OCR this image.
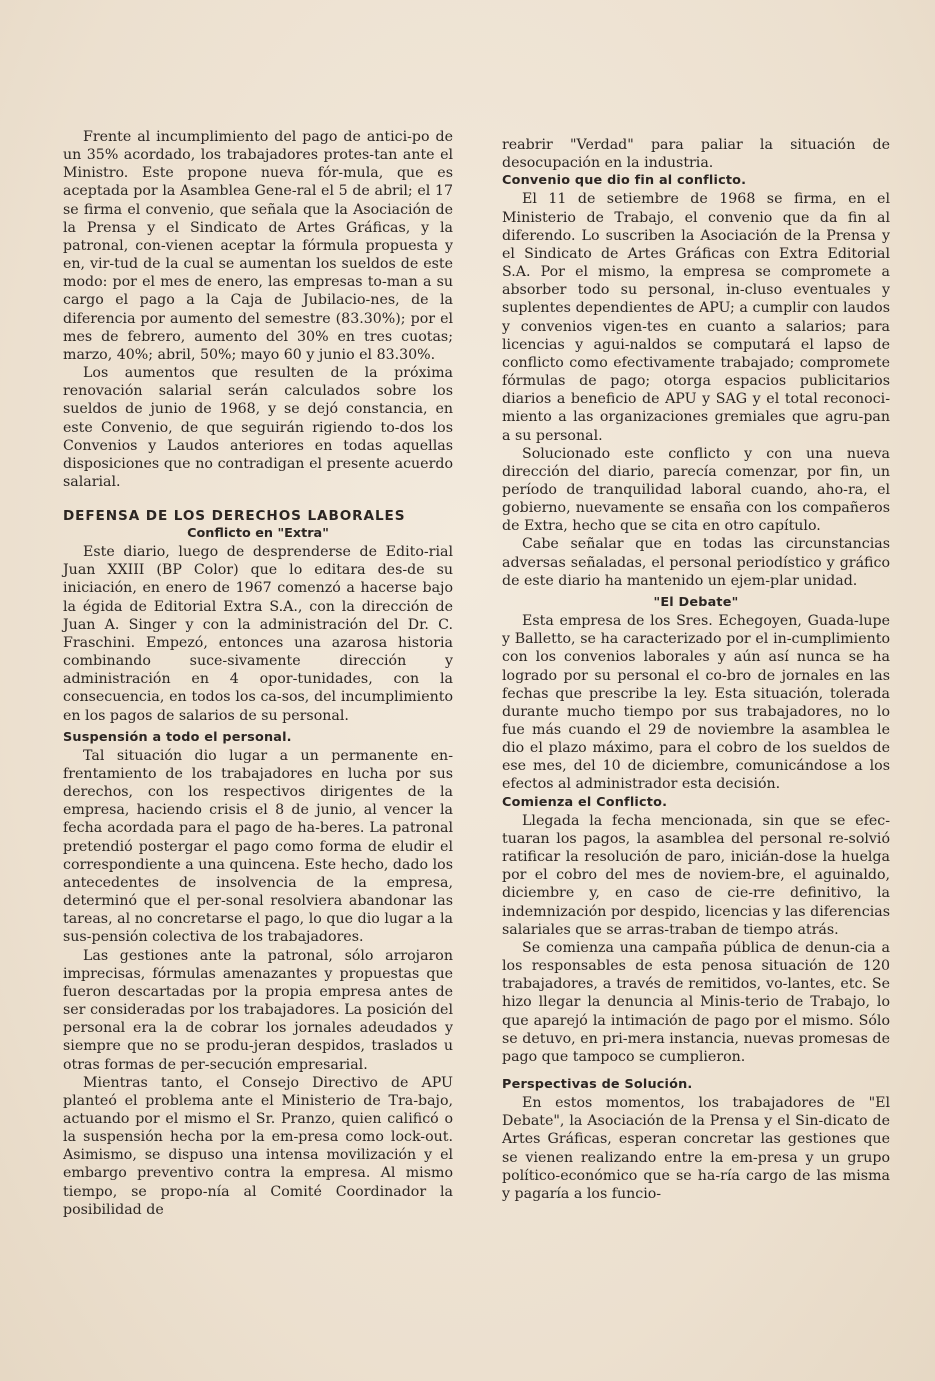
Frente al incumplimiento del pago de antici-po de un 35% acordado, los trabajadores protes-tan ante el Ministro. Este propone nueva fór-mula, que es aceptada por la Asamblea Gene-ral el 5 de abril; el 17 se firma el convenio, que señala que la Asociación de la Prensa y el Sindicato de Artes Gráficas, y la patronal, con-vienen aceptar la fórmula propuesta y en, vir-tud de la cual se aumentan los sueldos de este modo: por el mes de enero, las empresas to-man a su cargo el pago a la Caja de Jubilacio-nes, de la diferencia por aumento del semestre (83.30%); por el mes de febrero, aumento del 30% en tres cuotas; marzo, 40%; abril, 50%; mayo 60 y junio el 83.30%.

Los aumentos que resulten de la próxima renovación salarial serán calculados sobre los sueldos de junio de 1968, y se dejó constancia, en este Convenio, de que seguirán rigiendo to-dos los Convenios y Laudos anteriores en todas aquellas disposiciones que no contradigan el presente acuerdo salarial.

DEFENSA DE LOS DERECHOS LABORALES
Conflicto en "Extra"

Este diario, luego de desprenderse de Edito-rial Juan XXIII (BP Color) que lo editara des-de su iniciación, en enero de 1967 comenzó a hacerse bajo la égida de Editorial Extra S.A., con la dirección de Juan A. Singer y con la administración del Dr. C. Fraschini. Empezó, entonces una azarosa historia combinando suce-sivamente dirección y administración en 4 opor-tunidades, con la consecuencia, en todos los ca-sos, del incumplimiento en los pagos de salarios de su personal.

Suspensión a todo el personal.

Tal situación dio lugar a un permanente en-frentamiento de los trabajadores en lucha por sus derechos, con los respectivos dirigentes de la empresa, haciendo crisis el 8 de junio, al vencer la fecha acordada para el pago de ha-beres. La patronal pretendió postergar el pago como forma de eludir el correspondiente a una quincena. Este hecho, dado los antecedentes de insolvencia de la empresa, determinó que el per-sonal resolviera abandonar las tareas, al no concretarse el pago, lo que dio lugar a la sus-pensión colectiva de los trabajadores.

Las gestiones ante la patronal, sólo arrojaron imprecisas, fórmulas amenazantes y propuestas que fueron descartadas por la propia empresa antes de ser consideradas por los trabajadores. La posición del personal era la de cobrar los jornales adeudados y siempre que no se produ-jeran despidos, traslados u otras formas de per-secución empresarial.

Mientras tanto, el Consejo Directivo de APU planteó el problema ante el Ministerio de Tra-bajo, actuando por el mismo el Sr. Pranzo, quien calificó o la suspensión hecha por la em-presa como lock-out. Asimismo, se dispuso una intensa movilización y el embargo preventivo contra la empresa. Al mismo tiempo, se propo-nía al Comité Coordinador la posibilidad de

reabrir "Verdad" para paliar la situación de desocupación en la industria.

Convenio que dio fin al conflicto.

El 11 de setiembre de 1968 se firma, en el Ministerio de Trabajo, el convenio que da fin al diferendo. Lo suscriben la Asociación de la Prensa y el Sindicato de Artes Gráficas con Extra Editorial S.A. Por el mismo, la empresa se compromete a absorber todo su personal, in-cluso eventuales y suplentes dependientes de APU; a cumplir con laudos y convenios vigen-tes en cuanto a salarios; para licencias y agui-naldos se computará el lapso de conflicto como efectivamente trabajado; compromete fórmulas de pago; otorga espacios publicitarios diarios a beneficio de APU y SAG y el total reconoci-miento a las organizaciones gremiales que agru-pan a su personal.

Solucionado este conflicto y con una nueva dirección del diario, parecía comenzar, por fin, un período de tranquilidad laboral cuando, aho-ra, el gobierno, nuevamente se ensaña con los compañeros de Extra, hecho que se cita en otro capítulo.

Cabe señalar que en todas las circunstancias adversas señaladas, el personal periodístico y gráfico de este diario ha mantenido un ejem-plar unidad.

"El Debate"

Esta empresa de los Sres. Echegoyen, Guada-lupe y Balletto, se ha caracterizado por el in-cumplimiento con los convenios laborales y aún así nunca se ha logrado por su personal el co-bro de jornales en las fechas que prescribe la ley. Esta situación, tolerada durante mucho tiempo por sus trabajadores, no lo fue más cuando el 29 de noviembre la asamblea le dio el plazo máximo, para el cobro de los sueldos de ese mes, del 10 de diciembre, comunicándose a los efectos al administrador esta decisión.

Comienza el Conflicto.

Llegada la fecha mencionada, sin que se efec-tuaran los pagos, la asamblea del personal re-solvió ratificar la resolución de paro, inicián-dose la huelga por el cobro del mes de noviem-bre, el aguinaldo, diciembre y, en caso de cie-rre definitivo, la indemnización por despido, licencias y las diferencias salariales que se arras-traban de tiempo atrás.

Se comienza una campaña pública de denun-cia a los responsables de esta penosa situación de 120 trabajadores, a través de remitidos, vo-lantes, etc. Se hizo llegar la denuncia al Minis-terio de Trabajo, lo que aparejó la intimación de pago por el mismo. Sólo se detuvo, en pri-mera instancia, nuevas promesas de pago que tampoco se cumplieron.

Perspectivas de Solución.

En estos momentos, los trabajadores de "El Debate", la Asociación de la Prensa y el Sin-dicato de Artes Gráficas, esperan concretar las gestiones que se vienen realizando entre la em-presa y un grupo político-económico que se ha-ría cargo de las misma y pagaría a los funcio-
